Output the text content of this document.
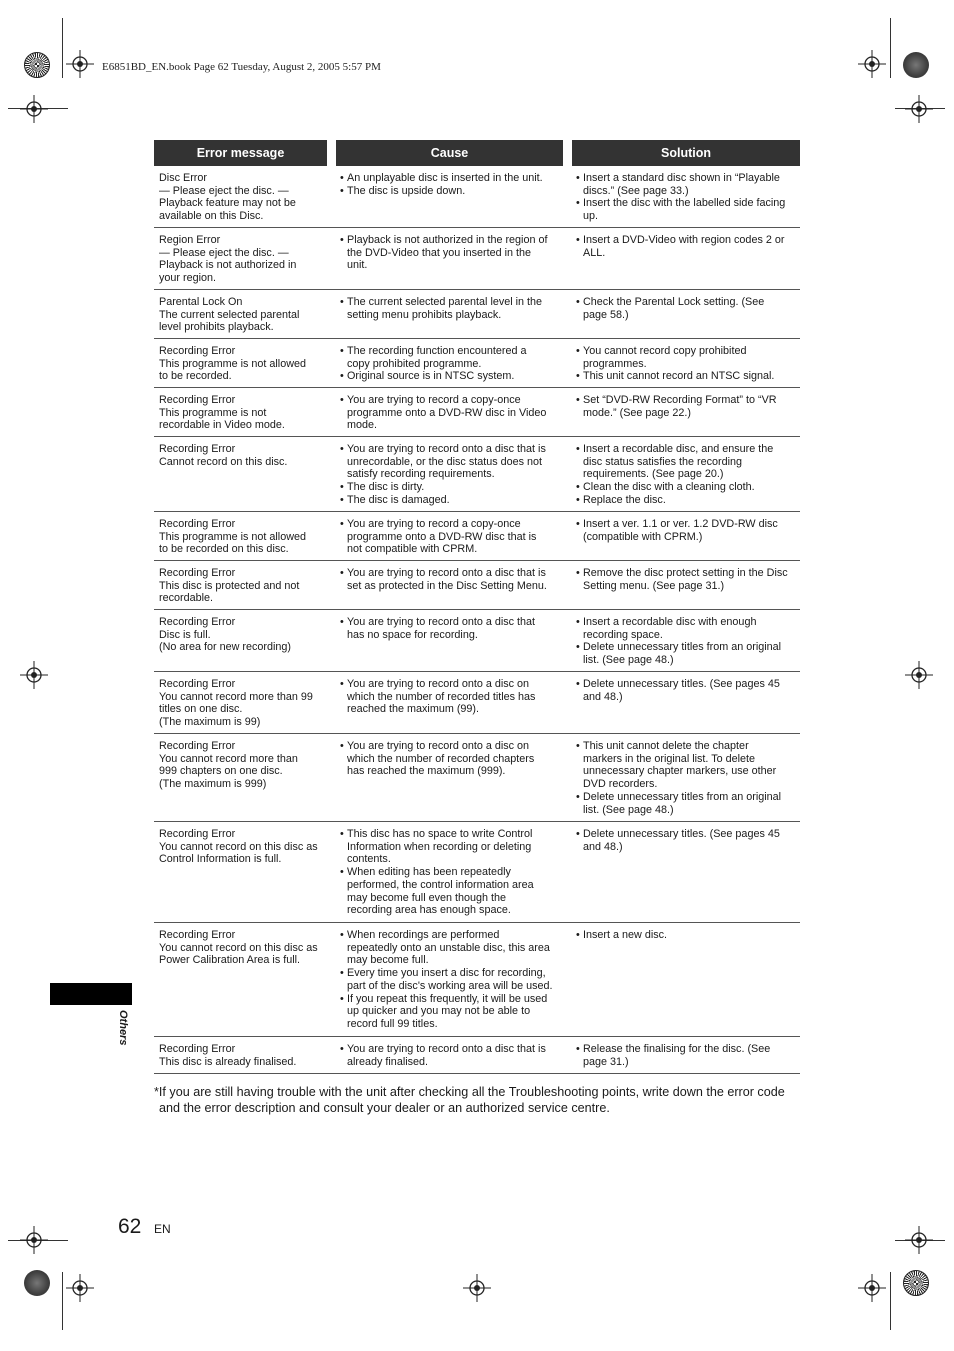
E6851BD_EN.book Page 62 Tuesday, August 2, 2005 5:57 PM
Error message	Cause	Solution
Disc Error
— Please eject the disc. —
Playback feature may not be
available on this Disc.
• An unplayable disc is inserted in the unit.
• The disc is upside down.
• Insert a standard disc shown in “Playable
discs.” (See page 33.)
• Insert the disc with the labelled side facing
up.
Region Error
— Please eject the disc. —
Playback is not authorized in
your region.
• Playback is not authorized in the region of
the DVD-Video that you inserted in the
unit.
• Insert a DVD-Video with region codes 2 or
ALL.
Parental Lock On
The current selected parental
level prohibits playback.
• The current selected parental level in the
setting menu prohibits playback.
• Check the Parental Lock setting. (See
page 58.)
Recording Error
This programme is not allowed
to be recorded.
• The recording function encountered a
copy prohibited programme.
• Original source is in NTSC system.
• You cannot record copy prohibited
programmes.
• This unit cannot record an NTSC signal.
Recording Error
This programme is not
recordable in Video mode.
• You are trying to record a copy-once
programme onto a DVD-RW disc in Video
mode.
• Set “DVD-RW Recording Format” to “VR
mode.” (See page 22.)
Recording Error
Cannot record on this disc.
• You are trying to record onto a disc that is
unrecordable, or the disc status does not
satisfy recording requirements.
• The disc is dirty.
• The disc is damaged.
• Insert a recordable disc, and ensure the
disc status satisfies the recording
requirements. (See page 20.)
• Clean the disc with a cleaning cloth.
• Replace the disc.
Recording Error
This programme is not allowed
to be recorded on this disc.
• You are trying to record a copy-once
programme onto a DVD-RW disc that is
not compatible with CPRM.
• Insert a ver. 1.1 or ver. 1.2 DVD-RW disc
(compatible with CPRM.)
Recording Error
This disc is protected and not
recordable.
• You are trying to record onto a disc that is
set as protected in the Disc Setting Menu.
• Remove the disc protect setting in the Disc
Setting menu. (See page 31.)
Recording Error
Disc is full.
(No area for new recording)
• You are trying to record onto a disc that
has no space for recording.
• Insert a recordable disc with enough
recording space.
• Delete unnecessary titles from an original
list. (See page 48.)
Recording Error
You cannot record more than 99
titles on one disc.
(The maximum is 99)
• You are trying to record onto a disc on
which the number of recorded titles has
reached the maximum (99).
• Delete unnecessary titles. (See pages 45
and 48.)
Recording Error
You cannot record more than
999 chapters on one disc.
(The maximum is 999)
• You are trying to record onto a disc on
which the number of recorded chapters
has reached the maximum (999).
• This unit cannot delete the chapter
markers in the original list. To delete
unnecessary chapter markers, use other
DVD recorders.
• Delete unnecessary titles from an original
list. (See page 48.)
Recording Error
You cannot record on this disc as
Control Information is full.
• This disc has no space to write Control
Information when recording or deleting
contents.
• When editing has been repeatedly
performed, the control information area
may become full even though the
recording area has enough space.
• Delete unnecessary titles. (See pages 45
and 48.)
Recording Error
You cannot record on this disc as
Power Calibration Area is full.
• When recordings are performed
repeatedly onto an unstable disc, this area
may become full.
• Every time you insert a disc for recording,
part of the disc's working area will be used.
• If you repeat this frequently, it will be used
up quicker and you may not be able to
record full 99 titles.
• Insert a new disc.
Recording Error
This disc is already finalised.
• You are trying to record onto a disc that is
already finalised.
• Release the finalising for the disc. (See
page 31.)
*If you are still having trouble with the unit after checking all the Troubleshooting points, write down the error code
and the error description and consult your dealer or an authorized service centre.
Others
62 EN
